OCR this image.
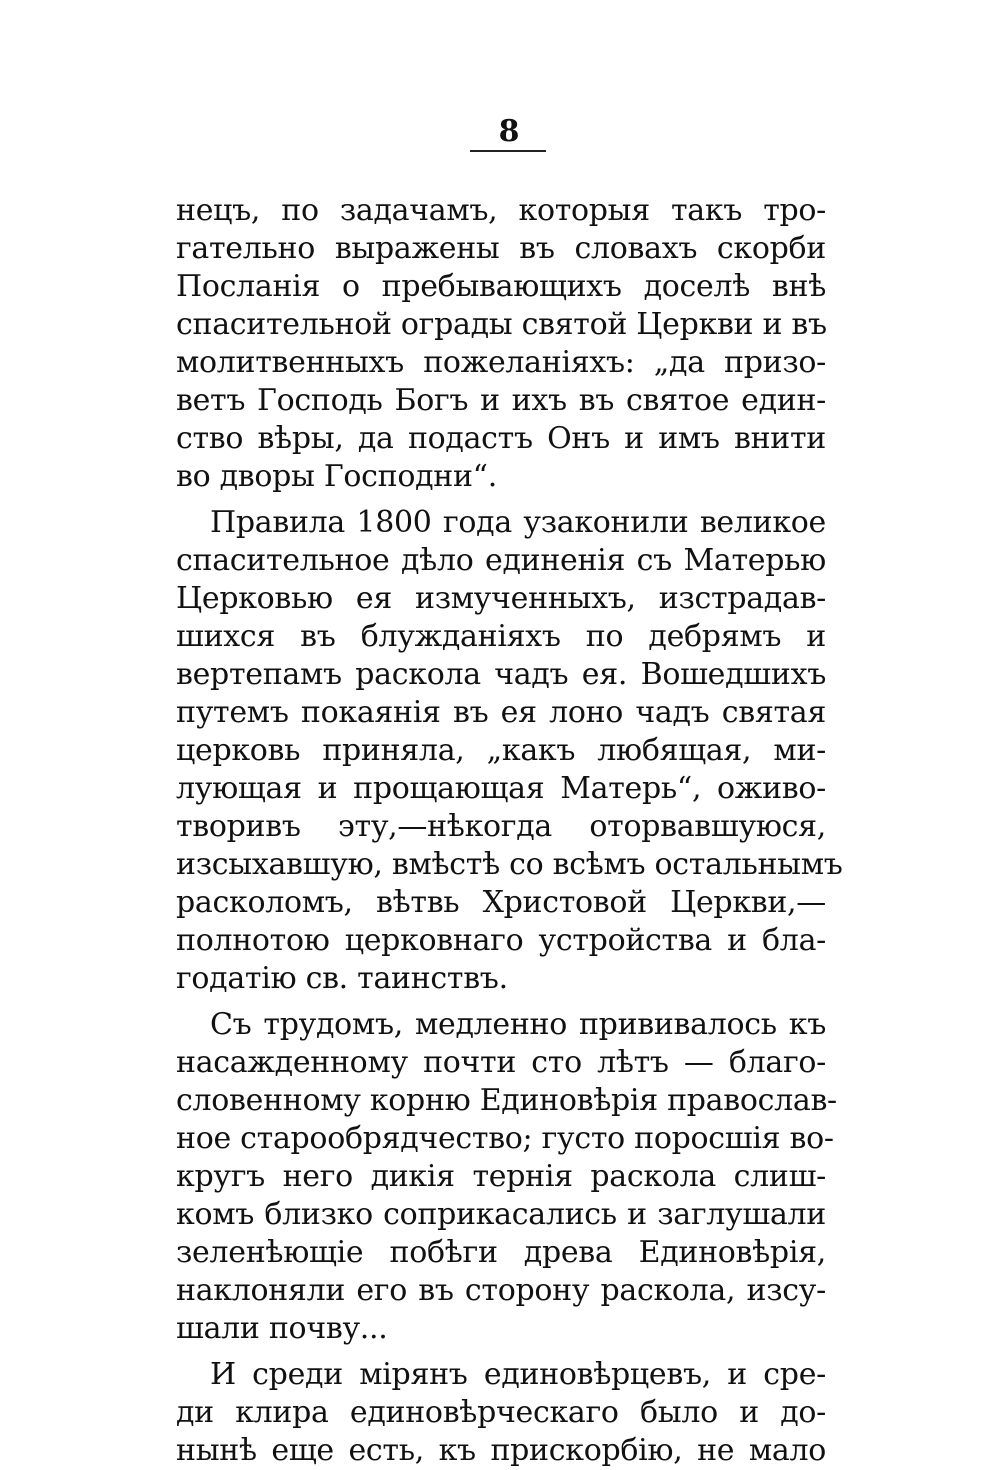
8
нецъ, по задачамъ, которыя такъ тро-
гательно выражены въ словахъ скорби
Посланія о пребывающихъ доселѣ внѣ
спасительной ограды святой Церкви и въ
молитвенныхъ пожеланіяхъ: „да призо-
ветъ Господь Богъ и ихъ въ святое един-
ство вѣры, да подастъ Онъ и имъ внити
во дворы Господни“.
Правила 1800 года узаконили великое
спасительное дѣло единенія съ Матерью
Церковью ея измученныхъ, изстрадав-
шихся въ блужданіяхъ по дебрямъ и
вертепамъ раскола чадъ ея. Вошедшихъ
путемъ покаянія въ ея лоно чадъ святая
церковь приняла, „какъ любящая, ми-
лующая и прощающая Матерь“, оживо-
творивъ эту,—нѣкогда оторвавшуюся,
изсыхавшую, вмѣстѣ со всѣмъ остальнымъ
расколомъ, вѣтвь Христовой Церкви,—
полнотою церковнаго устройства и бла-
годатію св. таинствъ.
Съ трудомъ, медленно прививалось къ
насажденному почти сто лѣтъ — благо-
словенному корню Единовѣрія православ-
ное старообрядчество; густо поросшія во-
кругъ него дикія тернія раскола слиш-
комъ близко соприкасались и заглушали
зеленѣющіе побѣги древа Единовѣрія,
наклоняли его въ сторону раскола, изсу-
шали почву...
И среди мірянъ единовѣрцевъ, и сре-
ди клира единовѣрческаго было и до-
нынѣ еще есть, къ прискорбію, не мало
